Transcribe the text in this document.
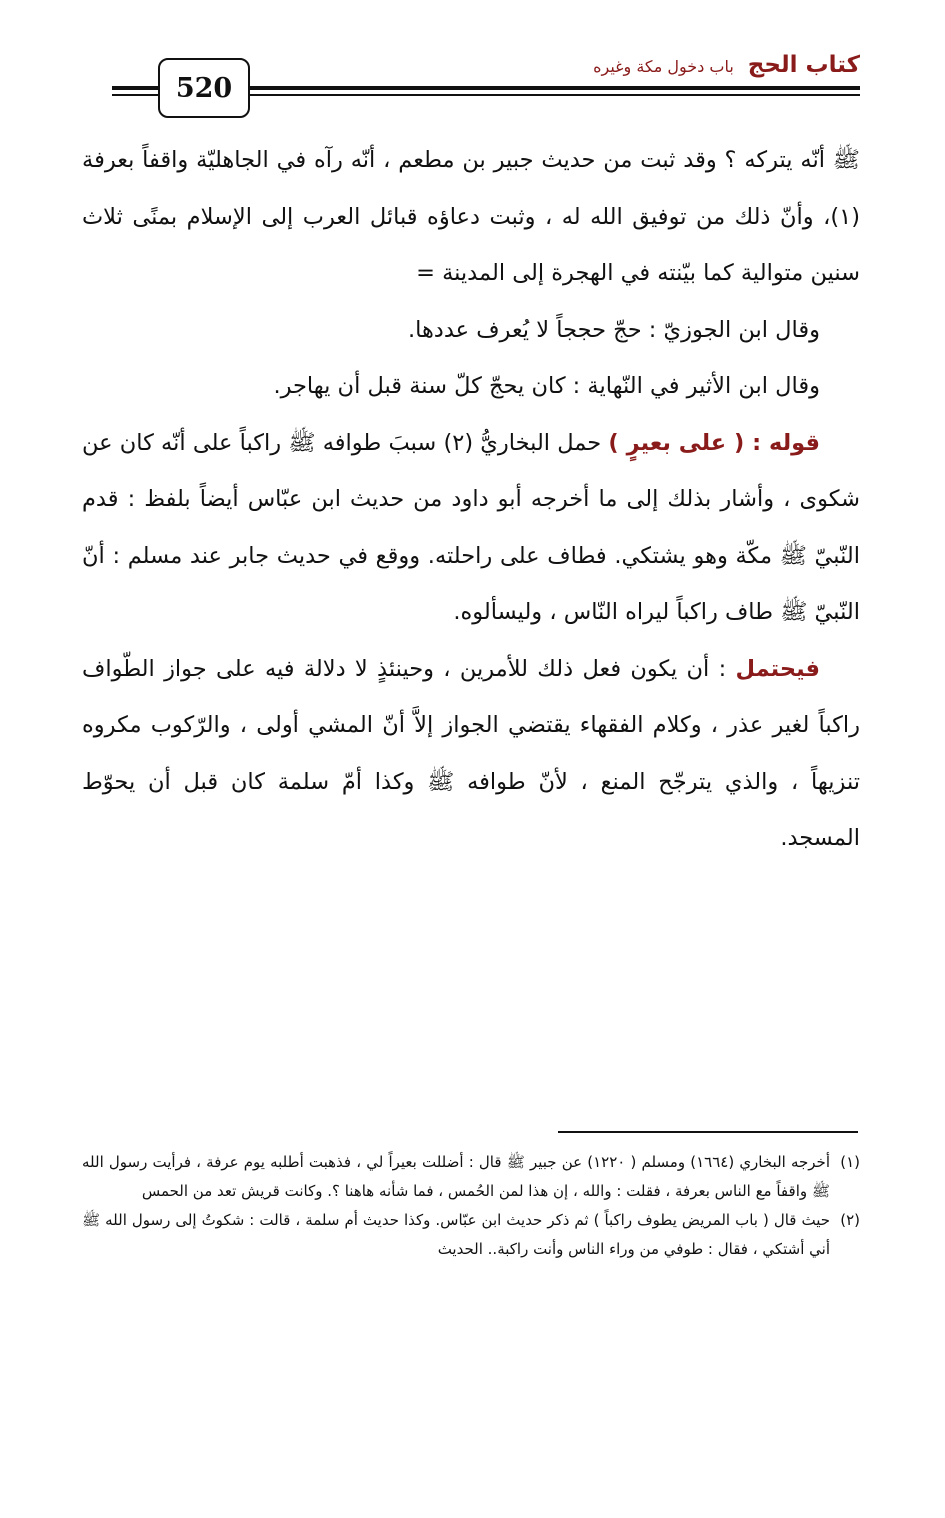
520
كتاب الحج
باب دخول مكة وغيره

ﷺ أنّه يتركه ؟ وقد ثبت من حديث جبير بن مطعم ، أنّه رآه في الجاهليّة واقفاً بعرفة (١)، وأنّ ذلك من توفيق الله له ، وثبت دعاؤه قبائل العرب إلى الإسلام بمنًى ثلاث سنين متوالية كما بيّنته في الهجرة إلى المدينة =

وقال ابن الجوزيّ : حجّ حججاً لا يُعرف عددها.

وقال ابن الأثير في النّهاية : كان يحجّ كلّ سنة قبل أن يهاجر.

قوله : ( على بعيرٍ ) حمل البخاريُّ (٢) سببَ طوافه ﷺ راكباً على أنّه كان عن شكوى ، وأشار بذلك إلى ما أخرجه أبو داود من حديث ابن عبّاس أيضاً بلفظ : قدم النّبيّ ﷺ مكّة وهو يشتكي. فطاف على راحلته. ووقع في حديث جابر عند مسلم : أنّ النّبيّ ﷺ طاف راكباً ليراه النّاس ، وليسألوه.

فيحتمل : أن يكون فعل ذلك للأمرين ، وحينئذٍ لا دلالة فيه على جواز الطّواف راكباً لغير عذر ، وكلام الفقهاء يقتضي الجواز إلاَّ أنّ المشي أولى ، والرّكوب مكروه تنزيهاً ، والذي يترجّح المنع ، لأنّ طوافه ﷺ وكذا أمّ سلمة كان قبل أن يحوّط المسجد.

(١)
أخرجه البخاري (١٦٦٤) ومسلم ( ١٢٢٠) عن جبير ﷺ قال : أضللت بعيراً لي ، فذهبت أطلبه يوم عرفة ، فرأيت رسول الله ﷺ واقفاً مع الناس بعرفة ، فقلت : والله ، إن هذا لمن الحُمس ، فما شأنه هاهنا ؟. وكانت قريش تعد من الحمس
(٢)
حيث قال ( باب المريض يطوف راكباً ) ثم ذكر حديث ابن عبّاس. وكذا حديث أم سلمة ، قالت : شكوتُ إلى رسول الله ﷺ أني أشتكي ، فقال : طوفي من وراء الناس وأنت راكبة.. الحديث
